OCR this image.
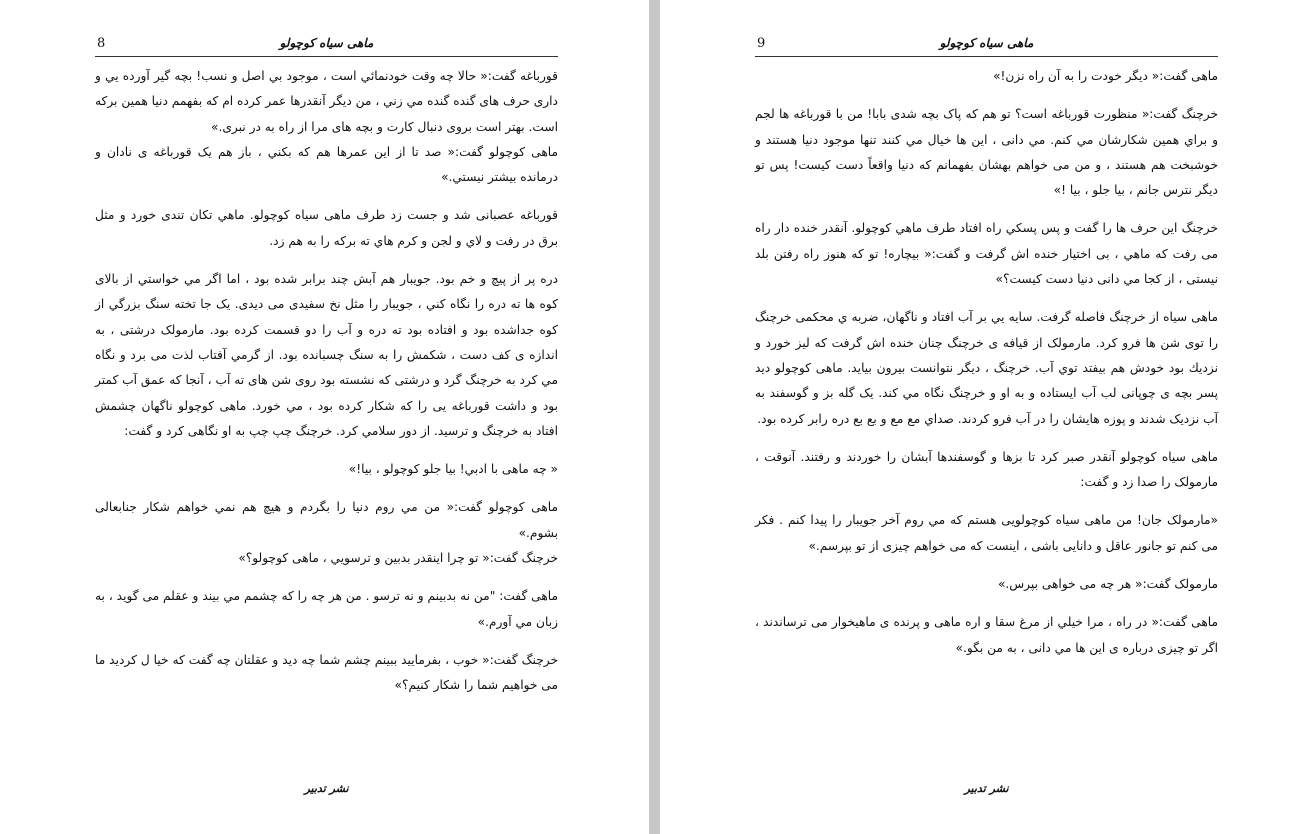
8	ماهی سیاه کوچولو

قورباغه گفت:« حالا چه وقت خودنمائي است ، موجود بي اصل و نسب! بچه گير آورده يي و داری حرف های گنده گنده مي زني ، من ديگر آنقدرها عمر كرده ام كه بفهمم دنيا همين بركه است. بهتر است بروی دنبال كارت و بچه های مرا از راه به در نبری.»

ماهی كوچولو گفت:« صد تا از اين عمرها هم كه بكني ، باز هم یک قورباغه ی نادان و درمانده بيشتر نيستي.»

قورباغه عصبانی شد و جست زد طرف ماهی سیاه کوچولو. ماهي تكان تندی خورد و مثل برق در رفت و لاي و لجن و كرم هاي ته بركه را به هم زد.

دره پر از پیچ و خم بود. جويبار هم آبش چند برابر شده بود ، اما اگر مي خواستي از بالای کوه ها ته دره را نگاه كني ، جويبار را مثل نخ سفيدی می دیدی. يک جا تخته سنگ بزرگي از كوه جداشده بود و افتاده بود ته دره و آب را دو قسمت كرده بود. مارمولک درشتی ، به اندازه ی كف دست ، شكمش را به سنگ چسبانده بود. از گرمي آفتاب لذت می برد و نگاه مي كرد به خرچنگ گرد و درشتی كه نشسته بود روی شن های ته آب ، آنجا كه عمق آب كمتر بود و داشت قورباغه یی را که شکار کرده بود ، مي خورد. ماهی کوچولو ناگهان چشمش افتاد به خرچنگ و ترسيد. از دور سلامي كرد. خرچنگ چپ چپ به او نگاهی كرد و گفت:

« چه ماهی با ادبي! بيا جلو كوچولو ، بيا!»

ماهی کوچولو گفت:« من مي روم دنيا را بگردم و هيچ هم نمي خواهم شكار جنابعالی بشوم.»

خرچنگ گفت:« تو چرا اينقدر بدبين و ترسويي ، ماهی کوچولو؟»

ماهی گفت: "من نه بدبينم و نه ترسو . من هر چه را كه چشمم مي بيند و عقلم می گوید ، به زبان مي آورم.»

خرچنگ گفت:« خوب ، بفرمایید ببينم چشم شما چه ديد و عقلتان چه گفت كه خيا ل كرديد ما می خواهيم شما را شكار كنيم؟»

نشر تدبیر
9	ماهی سیاه کوچولو

ماهی گفت:« ديگر خودت را به آن راه نزن!»

خرچنگ گفت:« منظورت قورباغه است؟ تو هم كه پاک بچه شدی بابا! من با قورباغه ها لجم و براي همين شكارشان مي كنم. مي دانی ، اين ها خيال مي كنند تنها موجود دنيا هستند و خوشبخت هم هستند ، و من می خواهم بهشان بفهمانم كه دنيا واقعاً دست كيست! پس تو ديگر نترس جانم ، بيا جلو ، بيا !»

خرچنگ اين حرف ها را گفت و پس پسكي راه افتاد طرف ماهي کوچولو. آنقدر خنده دار راه می رفت كه ماهي ، بی اختيار خنده اش گرفت و گفت:« بیچاره! تو كه هنوز راه رفتن بلد نيستی ، از كجا مي دانی دنيا دست كيست؟»

ماهی سیاه از خرچنگ فاصله گرفت. سايه یي بر آب افتاد و ناگهان، ضربه ي محكمی خرچنگ را توی شن ها فرو كرد. مارمولک از قیافه ی خرچنگ چنان خنده اش گرفت كه ليز خورد و نزديك بود خودش هم بيفتد توي آب. خرچنگ ، ديگر نتوانست بيرون بيايد. ماهی کوچولو دید پسر بچه ی چوپانی لب آب ايستاده و به او و خرچنگ نگاه مي كند. يک گله بز و گوسفند به آب نزدیک شدند و پوزه هایشان را در آب فرو كردند. صداي مع مع و بع بع دره رابر كرده بود.

ماهی سیاه کوچولو آنقدر صبر كرد تا بزها و گوسفندها آبشان را خوردند و رفتند. آنوقت ، مارمولک را صدا زد و گفت:

«مارمولک جان! من ماهی سیاه کوچولویی هستم كه مي روم آخر جويبار را پيدا كنم . فكر می كنم تو جانور عاقل و دانایی باشی ، اينست كه می خواهم چيزی از تو بپرسم.»

مارمولک گفت:« هر چه می خواهی بپرس.»

ماهی گفت:« در راه ، مرا خيلي از مرغ سقا و اره ماهی و پرنده ی ماهیخوار می ترساندند ، اگر تو چيزی درباره ی اين ها مي دانی ، به من بگو.»

نشر تدبیر
